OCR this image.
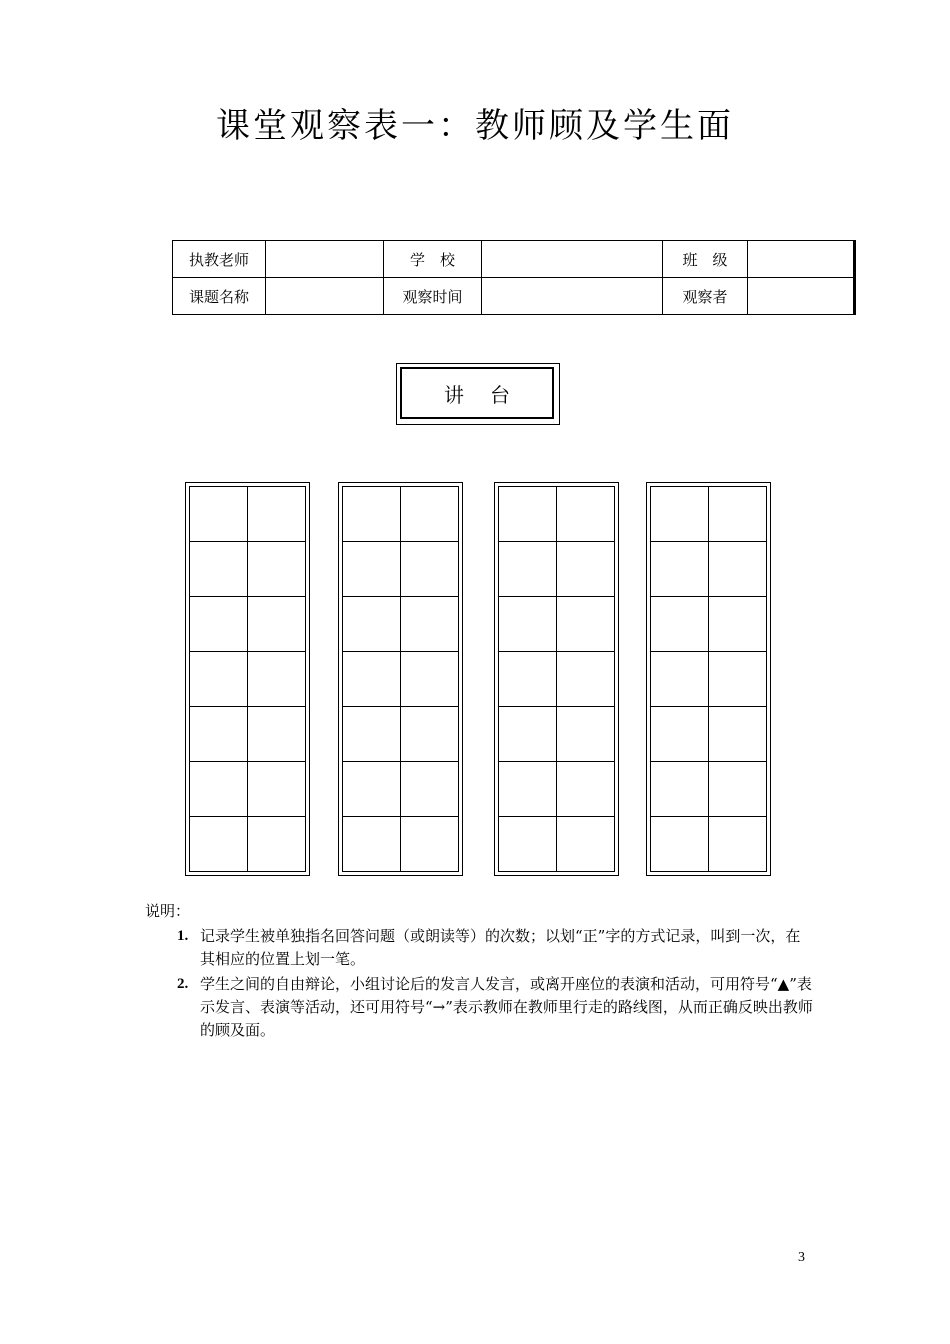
课堂观察表一：教师顾及学生面
执教老师		学　校		班　级	
课题名称		观察时间		观察者	
讲台

说明：
1. 记录学生被单独指名回答问题（或朗读等）的次数；以划“正”字的方式记录，叫到一次，在其相应的位置上划一笔。
2. 学生之间的自由辩论，小组讨论后的发言人发言，或离开座位的表演和活动，可用符号“▲”表示发言、表演等活动，还可用符号“→”表示教师在教师里行走的路线图，从而正确反映出教师的顾及面。
3
